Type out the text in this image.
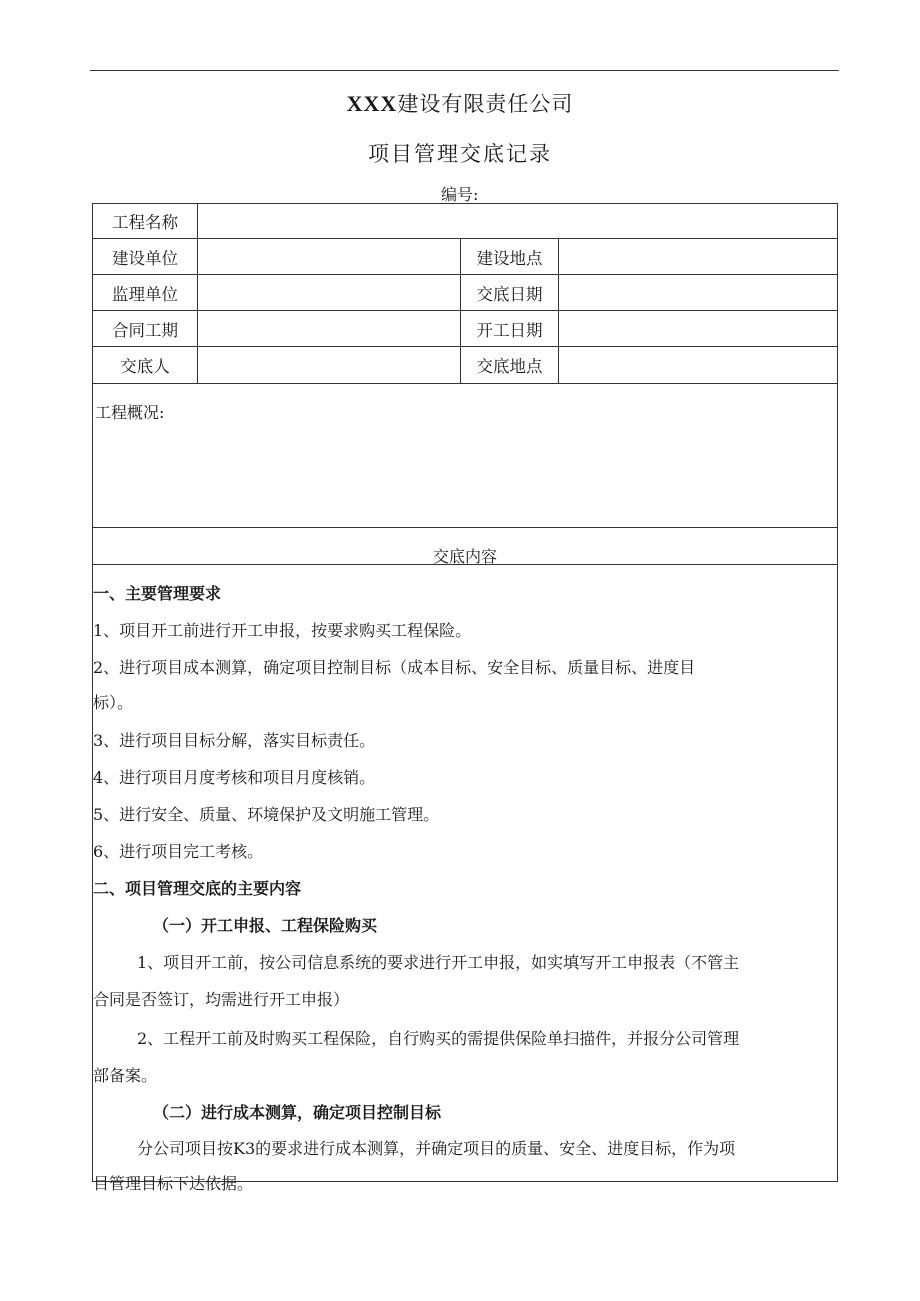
XXX建设有限责任公司
项目管理交底记录
编号:
工程名称
建设单位	建设地点
监理单位	交底日期
合同工期	开工日期
交底人	交底地点
工程概况:
交底内容
一、主要管理要求
1、项目开工前进行开工申报，按要求购买工程保险。
2、进行项目成本测算，确定项目控制目标（成本目标、安全目标、质量目标、进度目
标）。
3、进行项目目标分解，落实目标责任。
4、进行项目月度考核和项目月度核销。
5、进行安全、质量、环境保护及文明施工管理。
6、进行项目完工考核。
二、项目管理交底的主要内容
（一）开工申报、工程保险购买
1、项目开工前，按公司信息系统的要求进行开工申报，如实填写开工申报表（不管主
合同是否签订，均需进行开工申报）
2、工程开工前及时购买工程保险，自行购买的需提供保险单扫描件，并报分公司管理
部备案。
（二）进行成本测算，确定项目控制目标
分公司项目按K3的要求进行成本测算，并确定项目的质量、安全、进度目标，作为项
目管理目标下达依据。
